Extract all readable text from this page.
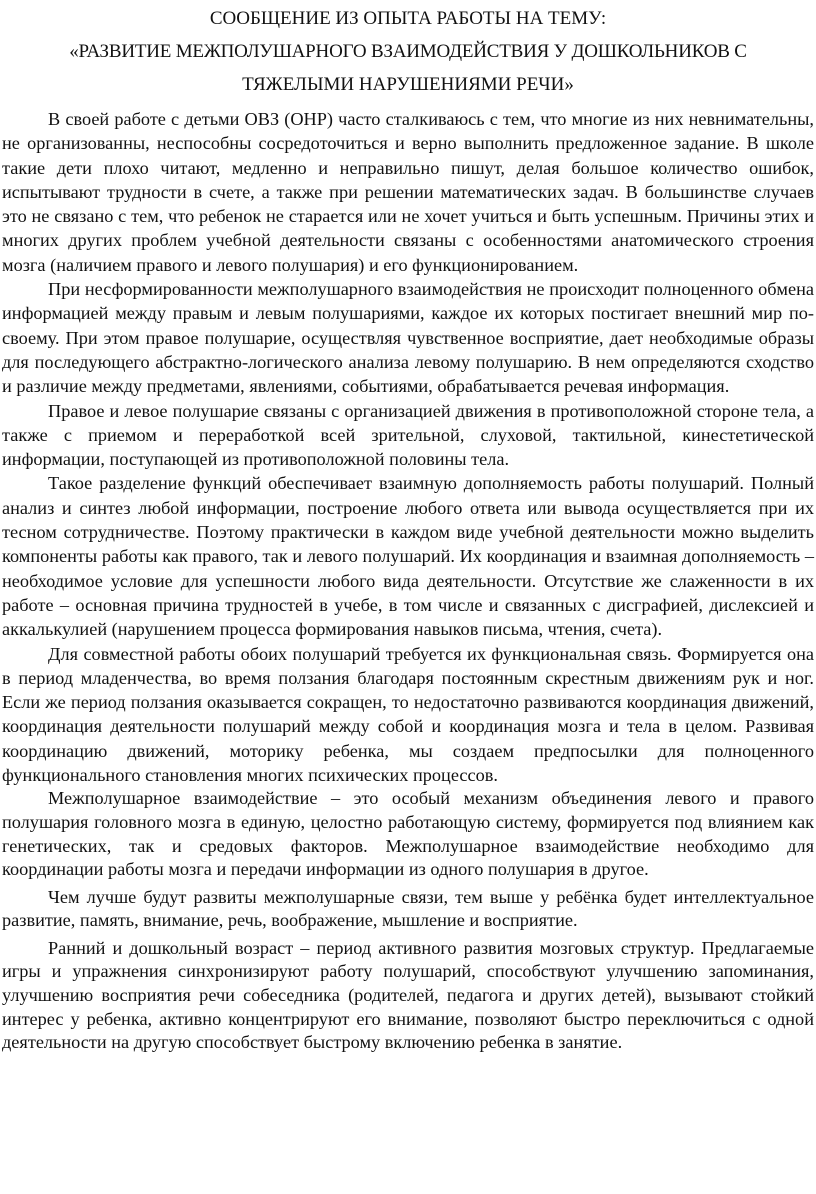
СООБЩЕНИЕ ИЗ ОПЫТА РАБОТЫ НА ТЕМУ:
«РАЗВИТИЕ МЕЖПОЛУШАРНОГО ВЗАИМОДЕЙСТВИЯ У ДОШКОЛЬНИКОВ С
ТЯЖЕЛЫМИ НАРУШЕНИЯМИ РЕЧИ»

В своей работе с детьми ОВЗ (ОНР) часто сталкиваюсь с тем, что многие из них невнимательны, не организованны, неспособны сосредоточиться и верно выполнить предложенное задание. В школе такие дети плохо читают, медленно и неправильно пишут, делая большое количество ошибок, испытывают трудности в счете, а также при решении математических задач. В большинстве случаев это не связано с тем, что ребенок не старается или не хочет учиться и быть успешным. Причины этих и многих других проблем учебной деятельности связаны с особенностями анатомического строения мозга (наличием правого и левого полушария) и его функционированием.

При несформированности межполушарного взаимодействия не происходит полноценного обмена информацией между правым и левым полушариями, каждое их которых постигает внешний мир по-своему. При этом правое полушарие, осуществляя чувственное восприятие, дает необходимые образы для последующего абстрактно-логического анализа левому полушарию. В нем определяются сходство и различие между предметами, явлениями, событиями, обрабатывается речевая информация.

Правое и левое полушарие связаны с организацией движения в противоположной стороне тела, а также с приемом и переработкой всей зрительной, слуховой, тактильной, кинестетической информации, поступающей из противоположной половины тела.

Такое разделение функций обеспечивает взаимную дополняемость работы полушарий. Полный анализ и синтез любой информации, построение любого ответа или вывода осуществляется при их тесном сотрудничестве. Поэтому практически в каждом виде учебной деятельности можно выделить компоненты работы как правого, так и левого полушарий. Их координация и взаимная дополняемость – необходимое условие для успешности любого вида деятельности. Отсутствие же слаженности в их работе – основная причина трудностей в учебе, в том числе и связанных с дисграфией, дислексией и аккалькулией (нарушением процесса формирования навыков письма, чтения, счета).

Для совместной работы обоих полушарий требуется их функциональная связь. Формируется она в период младенчества, во время ползания благодаря постоянным скрестным движениям рук и ног. Если же период ползания оказывается сокращен, то недостаточно развиваются координация движений, координация деятельности полушарий между собой и координация мозга и тела в целом. Развивая координацию движений, моторику ребенка, мы создаем предпосылки для полноценного функционального становления многих психических процессов.

Межполушарное взаимодействие – это особый механизм объединения левого и правого полушария головного мозга в единую, целостно работающую систему, формируется под влиянием как генетических, так и средовых факторов. Межполушарное взаимодействие необходимо для координации работы мозга и передачи информации из одного полушария в другое.

Чем лучше будут развиты межполушарные связи, тем выше у ребёнка будет интеллектуальное развитие, память, внимание, речь, воображение, мышление и восприятие.

Ранний и дошкольный возраст – период активного развития мозговых структур. Предлагаемые игры и упражнения синхронизируют работу полушарий, способствуют улучшению запоминания, улучшению восприятия речи собеседника (родителей, педагога и других детей), вызывают стойкий интерес у ребенка, активно концентрируют его внимание, позволяют быстро переключиться с одной деятельности на другую способствует быстрому включению ребенка в занятие.
